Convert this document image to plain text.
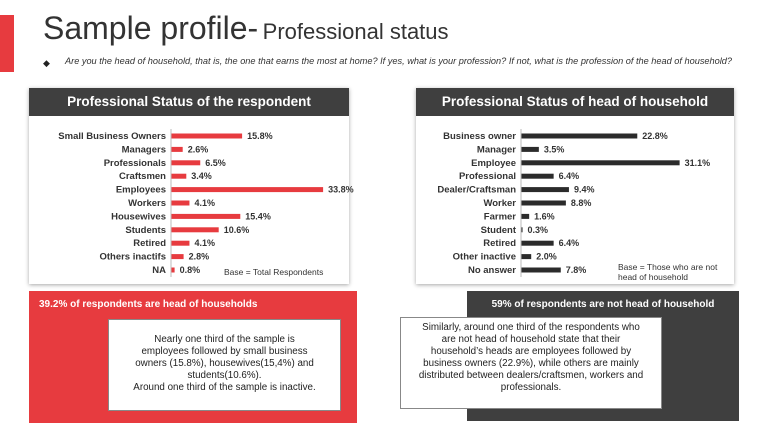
Sample profile- Professional status
◆ Are you the head of household, that is, the one that earns the most at home? If yes, what is your profession? If not, what is the profession of the head of household?
Professional Status of the respondent
Small Business Owners	15.8%
Managers 2.6%
Professionals	6.5%
Craftsmen	3.4%
Employees	33.8%
Workers	4.1%
Housewives	15.4%
Students	10.6%
Retired	4.1%
Others inactifs	2.8%
NA 0.8%	Base = Total Respondents
Professional Status of head of household
Business owner	22.8%
Manager	3.5%
Employee	31.1%
Professional	6.4%
Dealer/Craftsman	9.4%
Worker	8.8%
Farmer 1.6%
Student 0.3%
Retired	6.4%
Other inactive 2.0%
No answer	7.8%	Base = Those who are not
head of household
39.2% of respondents are head of households	59% of respondents are not head of household
Nearly one third of the sample is
employees followed by small business
owners (15.8%), housewives(15,4%) and
students(10.6%).
Around one third of the sample is inactive.
Similarly, around one third of the respondents who
are not head of household state that their
household’s heads are employees followed by
business owners (22.9%), while others are mainly
distributed between dealers/craftsmen, workers and
professionals.
